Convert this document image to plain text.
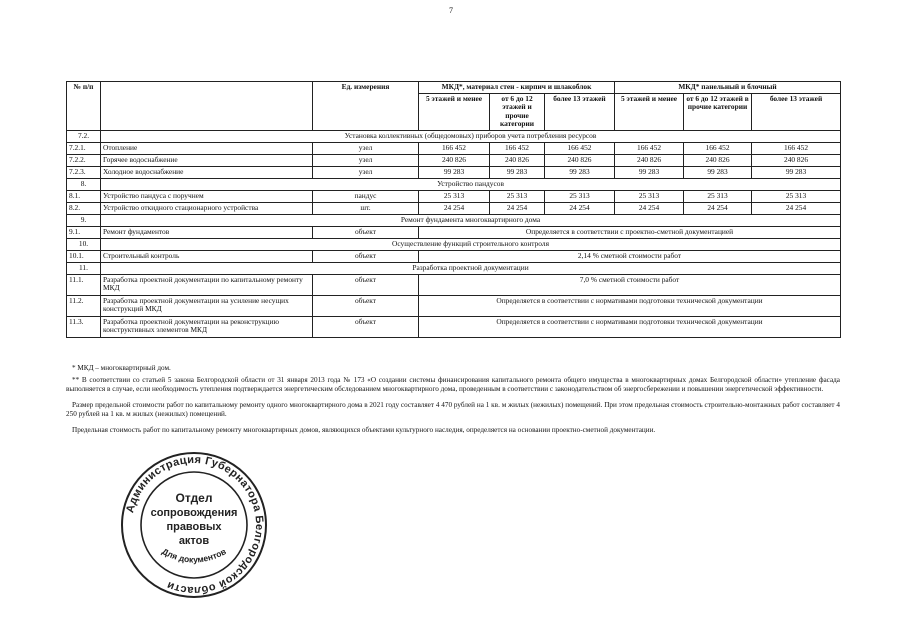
7
№ п/п		Ед. измерения	МКД*, материал стен - кирпич и шлакоблок			МКД* панельный и блочный		
			5 этажей и менее	от 6 до 12 этажей и прочие категории	более 13 этажей	5 этажей и менее	от 6 до 12 этажей в прочие категории	более 13 этажей
7.2.	Установка коллективных (общедомовых) приборов учета потребления ресурсов							
7.2.1.	Отопление	узел	166 452	166 452	166 452	166 452	166 452	166 452
7.2.2.	Горячее водоснабжение	узел	240 826	240 826	240 826	240 826	240 826	240 826
7.2.3.	Холодное водоснабжение	узел	99 283	99 283	99 283	99 283	99 283	99 283
8.	Устройство пандусов							
8.1.	Устройство пандуса с поручнем	пандус	25 313	25 313	25 313	25 313	25 313	25 313
8.2.	Устройство откидного стационарного устройства	шт.	24 254	24 254	24 254	24 254	24 254	24 254
9.	Ремонт фундамента многоквартирного дома							
9.1.	Ремонт фундаментов	объект	Определяется в соответствии с проектно-сметной документацией					
10.	Осуществление функций строительного контроля							
10.1.	Строительный контроль	объект	2,14 % сметной стоимости работ					
11.	Разработка проектной документации							
11.1.	Разработка проектной документации по капитальному ремонту МКД	объект	7,0 % сметной стоимости работ					
11.2.	Разработка проектной документации на усиление несущих конструкций МКД	объект	Определяется в соответствии с нормативами подготовки технической документации					
11.3.	Разработка проектной документации на реконструкцию конструктивных элементов МКД	объект	Определяется в соответствии с нормативами подготовки технической документации					

* МКД – многоквартирный дом.

** В соответствии со статьей 5 закона Белгородской области от 31 января 2013 года № 173 «О создании системы финансирования капитального ремонта общего имущества в многоквартирных домах Белгородской области» утепление фасада выполняется в случае, если необходимость утепления подтверждается энергетическим обследованием многоквартирного дома, проведенным в соответствии с законодательством об энергосбережении и повышении энергетической эффективности.

Размер предельной стоимости работ по капитальному ремонту одного многоквартирного дома в 2021 году составляет 4 470 рублей на 1 кв. м жилых (нежилых) помещений. При этом предельная стоимость строительно-монтажных работ составляет 4 250 рублей на 1 кв. м жилых (нежилых) помещений.

Предельная стоимость работ по капитальному ремонту многоквартирных домов, являющихся объектами культурного наследия, определяется на основании проектно-сметной документации.

Администрация Губернатора Белгородской области
Отдел
сопровождения
правовых
актов
Для документов
